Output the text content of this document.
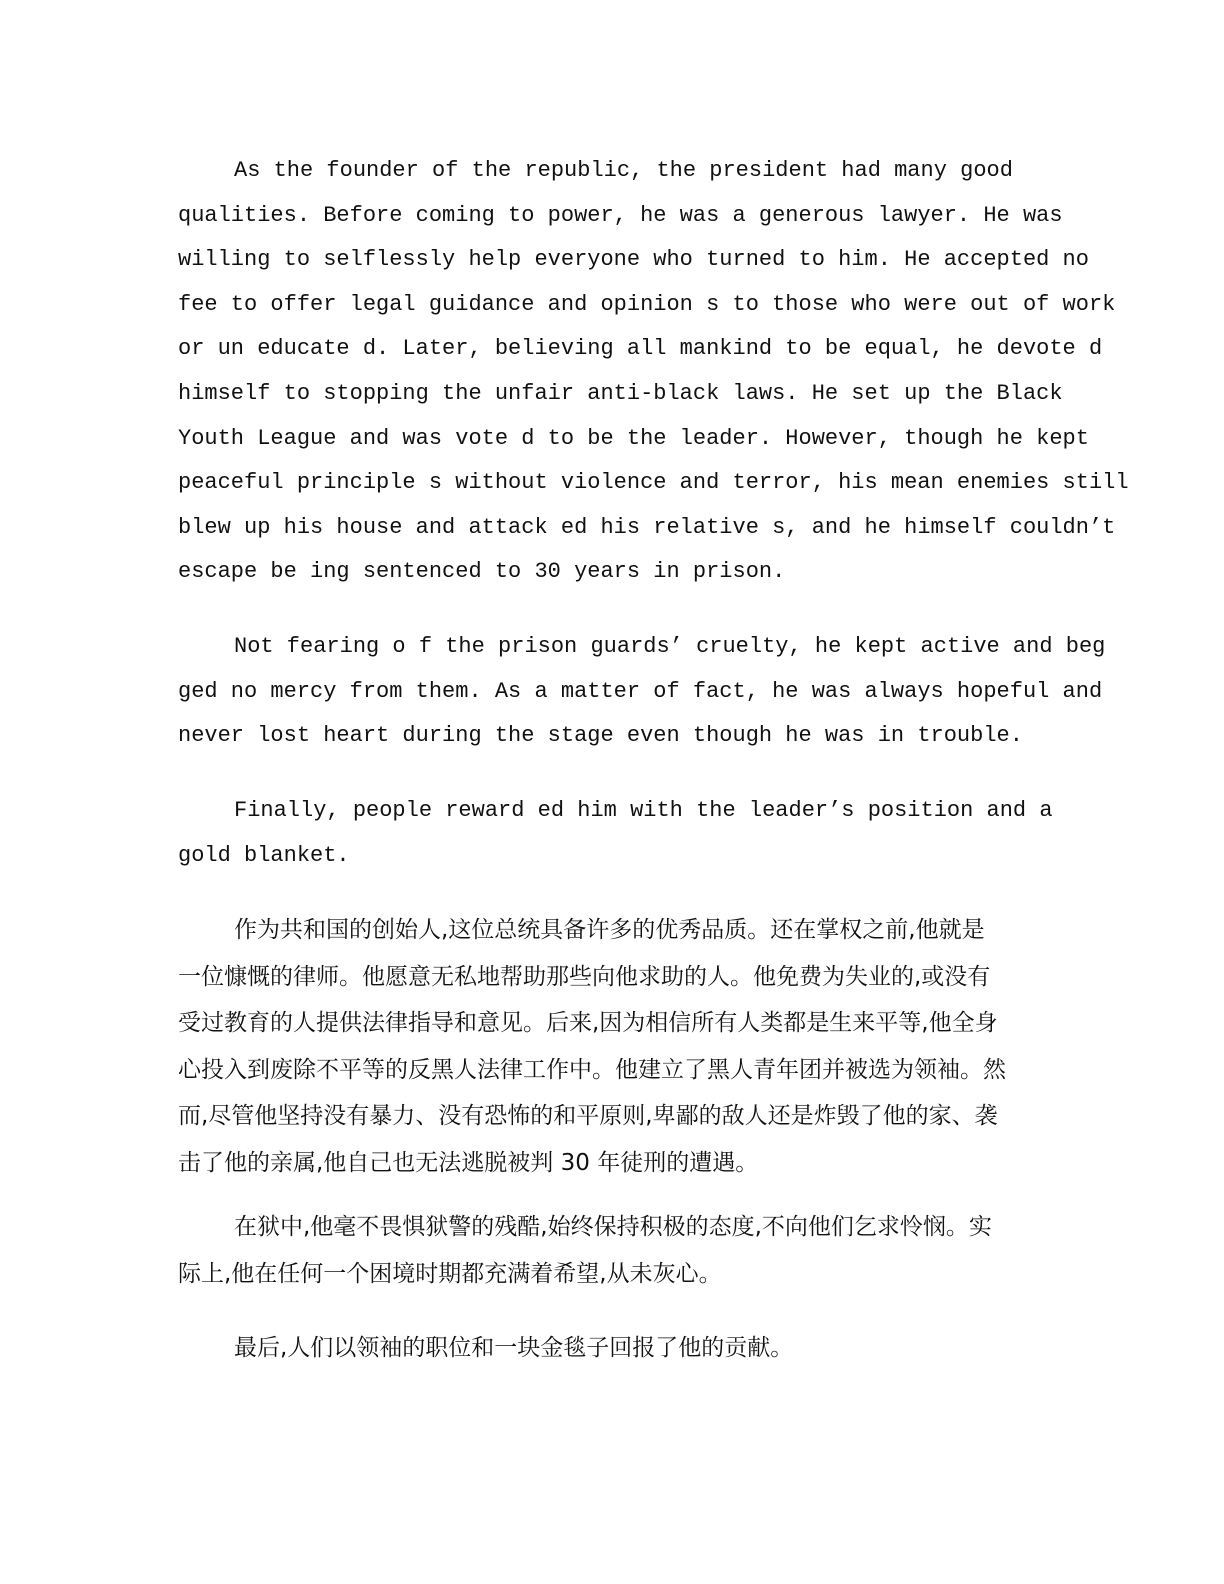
As the founder of the republic, the president had many good
qualities. Before coming to power, he was a generous lawyer. He was
willing to selflessly help everyone who turned to him. He accepted no
fee to offer legal guidance and opinion s to those who were out of work
or un educate d. Later, believing all mankind to be equal, he devote d
himself to stopping the unfair anti-black laws. He set up the Black
Youth League and was vote d to be the leader. However, though he kept
peaceful principle s without violence and terror, his mean enemies still
blew up his house and attack ed his relative s, and he himself couldn’t
escape be ing sentenced to 30 years in prison.
Not fearing o f the prison guards’ cruelty, he kept active and beg
ged no mercy from them. As a matter of fact, he was always hopeful and
never lost heart during the stage even though he was in trouble.
Finally, people reward ed him with the leader’s position and a
gold blanket.
作为共和国的创始人,这位总统具备许多的优秀品质。还在掌权之前,他就是
一位慷慨的律师。他愿意无私地帮助那些向他求助的人。他免费为失业的,或没有
受过教育的人提供法律指导和意见。后来,因为相信所有人类都是生来平等,他全身
心投入到废除不平等的反黑人法律工作中。他建立了黑人青年团并被选为领袖。然
而,尽管他坚持没有暴力、没有恐怖的和平原则,卑鄙的敌人还是炸毁了他的家、袭
击了他的亲属,他自己也无法逃脱被判 30 年徒刑的遭遇。
在狱中,他毫不畏惧狱警的残酷,始终保持积极的态度,不向他们乞求怜悯。实
际上,他在任何一个困境时期都充满着希望,从未灰心。
最后,人们以领袖的职位和一块金毯子回报了他的贡献。
